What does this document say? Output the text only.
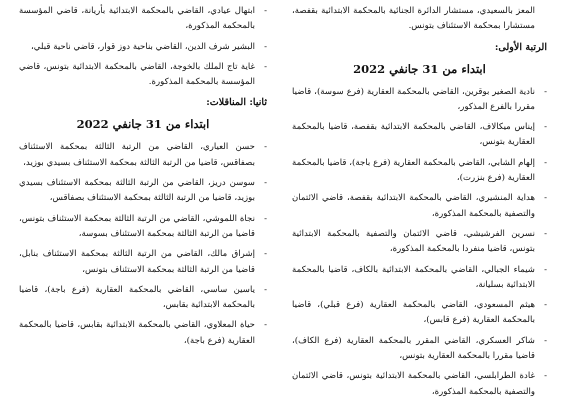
المعز بالسعيدي، مستشار الدائرة الجنائية بالمحكمة الابتدائية بقفصة، مستشارا بمحكمة الاستئناف بتونس.
الرتبة الأولى:
ابتداء من 31 جانفي 2022
-
نادية الصغير بوقرين، القاضي بالمحكمة العقارية (فرع سوسة)، قاضيا مقررا بالفرع المذكور،
-
إيناس ميكالاف، القاضي بالمحكمة الابتدائية بقفصة، قاضيا بالمحكمة العقارية بتونس،
-
إلهام الشابي، القاضي بالمحكمة العقارية (فرع باجة)، قاضيا بالمحكمة العقارية (فرع بنزرت)،
-
هداية المنشيري، القاضي بالمحكمة الابتدائية بقفصة، قاضي الائتمان والتصفية بالمحكمة المذكورة،
-
نسرين الفرشيشي، قاضي الائتمان والتصفية بالمحكمة الابتدائية بتونس، قاضيا منفردا بالمحكمة المذكورة،
-
شيماء الجبالي، القاضي بالمحكمة الابتدائية بالكاف، قاضيا بالمحكمة الابتدائية بسليانة،
-
هيثم المسعودي، القاضي بالمحكمة العقارية (فرع قبلي)، قاضيا بالمحكمة العقارية (فرع قابس)،
-
شاكر العسكري، القاضي المقرر بالمحكمة العقارية (فرع الكاف)، قاضيا مقررا بالمحكمة العقارية بتونس،
-
غادة الطرابلسي، القاضي بالمحكمة الابتدائية بتونس، قاضي الائتمان والتصفية بالمحكمة المذكورة،
-
ابتهال عيادي، القاضي بالمحكمة الابتدائية بأريانة، قاضي المؤسسة بالمحكمة المذكورة،
-
البشير شرف الدين، القاضي بناحية دوز قوار، قاضي ناحية قبلي،
-
غاية تاج الملك بالخوجة، القاضي بالمحكمة الابتدائية بتونس، قاضي المؤسسة بالمحكمة المذكورة.
ثانيا: المناقلات:
ابتداء من 31 جانفي 2022
-
حسن العياري، القاضي من الرتبة الثالثة بمحكمة الاستئناف بصفاقس، قاضيا من الرتبة الثالثة بمحكمة الاستئناف بسيدي بوزيد،
-
سوسن دريز، القاضي من الرتبة الثالثة بمحكمة الاستئناف بسيدي بوزيد، قاضيا من الرتبة الثالثة بمحكمة الاستئناف بصفاقس،
-
نجاة اللموشي، القاضي من الرتبة الثالثة بمحكمة الاستئناف بتونس، قاضيا من الرتبة الثالثة بمحكمة الاستئناف بسوسة،
-
إشراق مالك، القاضي من الرتبة الثالثة بمحكمة الاستئناف بنابل، قاضيا من الرتبة الثالثة بمحكمة الاستئناف بتونس،
-
ياسين ساسي، القاضي بالمحكمة العقارية (فرع باجة)، قاضيا بالمحكمة الابتدائية بقابس،
-
حياة المعلاوي، القاضي بالمحكمة الابتدائية بقابس، قاضيا بالمحكمة العقارية (فرع باجة)،
